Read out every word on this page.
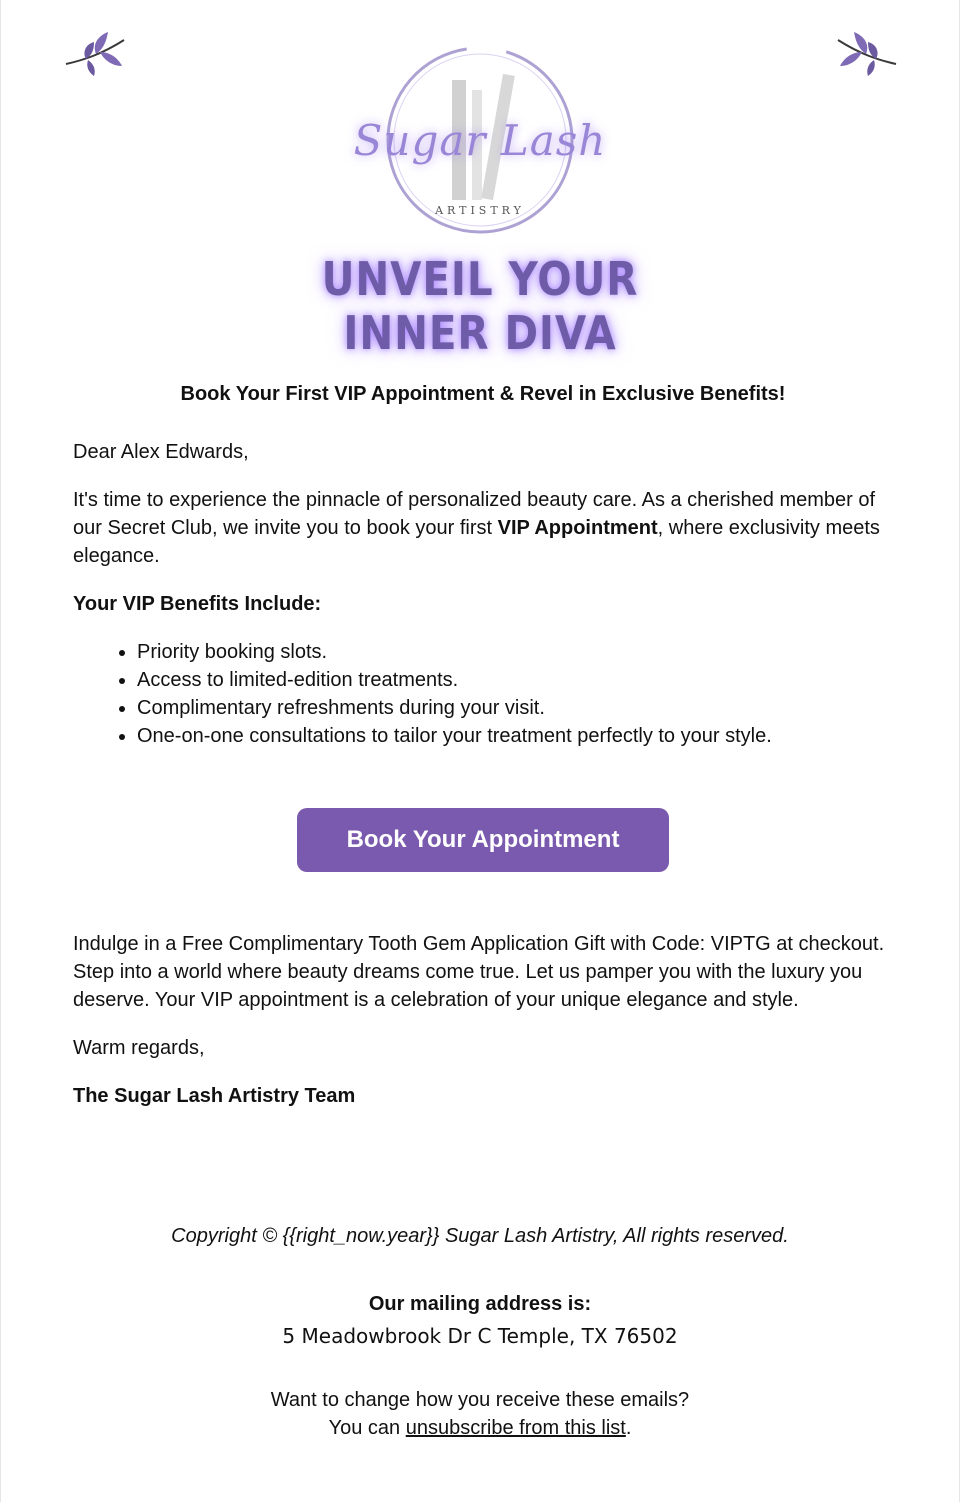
Sugar Lash
ARTISTRY
UNVEIL YOUR INNER DIVA
Book Your First VIP Appointment & Revel in Exclusive Benefits!

Dear Alex Edwards,

It's time to experience the pinnacle of personalized beauty care. As a cherished member of our Secret Club, we invite you to book your first VIP Appointment, where exclusivity meets elegance.

Your VIP Benefits Include:

• Priority booking slots.
• Access to limited-edition treatments.
• Complimentary refreshments during your visit.
• One-on-one consultations to tailor your treatment perfectly to your style.
Book Your Appointment

Indulge in a Free Complimentary Tooth Gem Application Gift with Code: VIPTG at checkout. Step into a world where beauty dreams come true. Let us pamper you with the luxury you deserve. Your VIP appointment is a celebration of your unique elegance and style.

Warm regards,

The Sugar Lash Artistry Team

Copyright © {{right_now.year}} Sugar Lash Artistry, All rights reserved.

Our mailing address is:

5 Meadowbrook Dr C Temple, TX 76502

Want to change how you receive these emails?

You can unsubscribe from this list.
